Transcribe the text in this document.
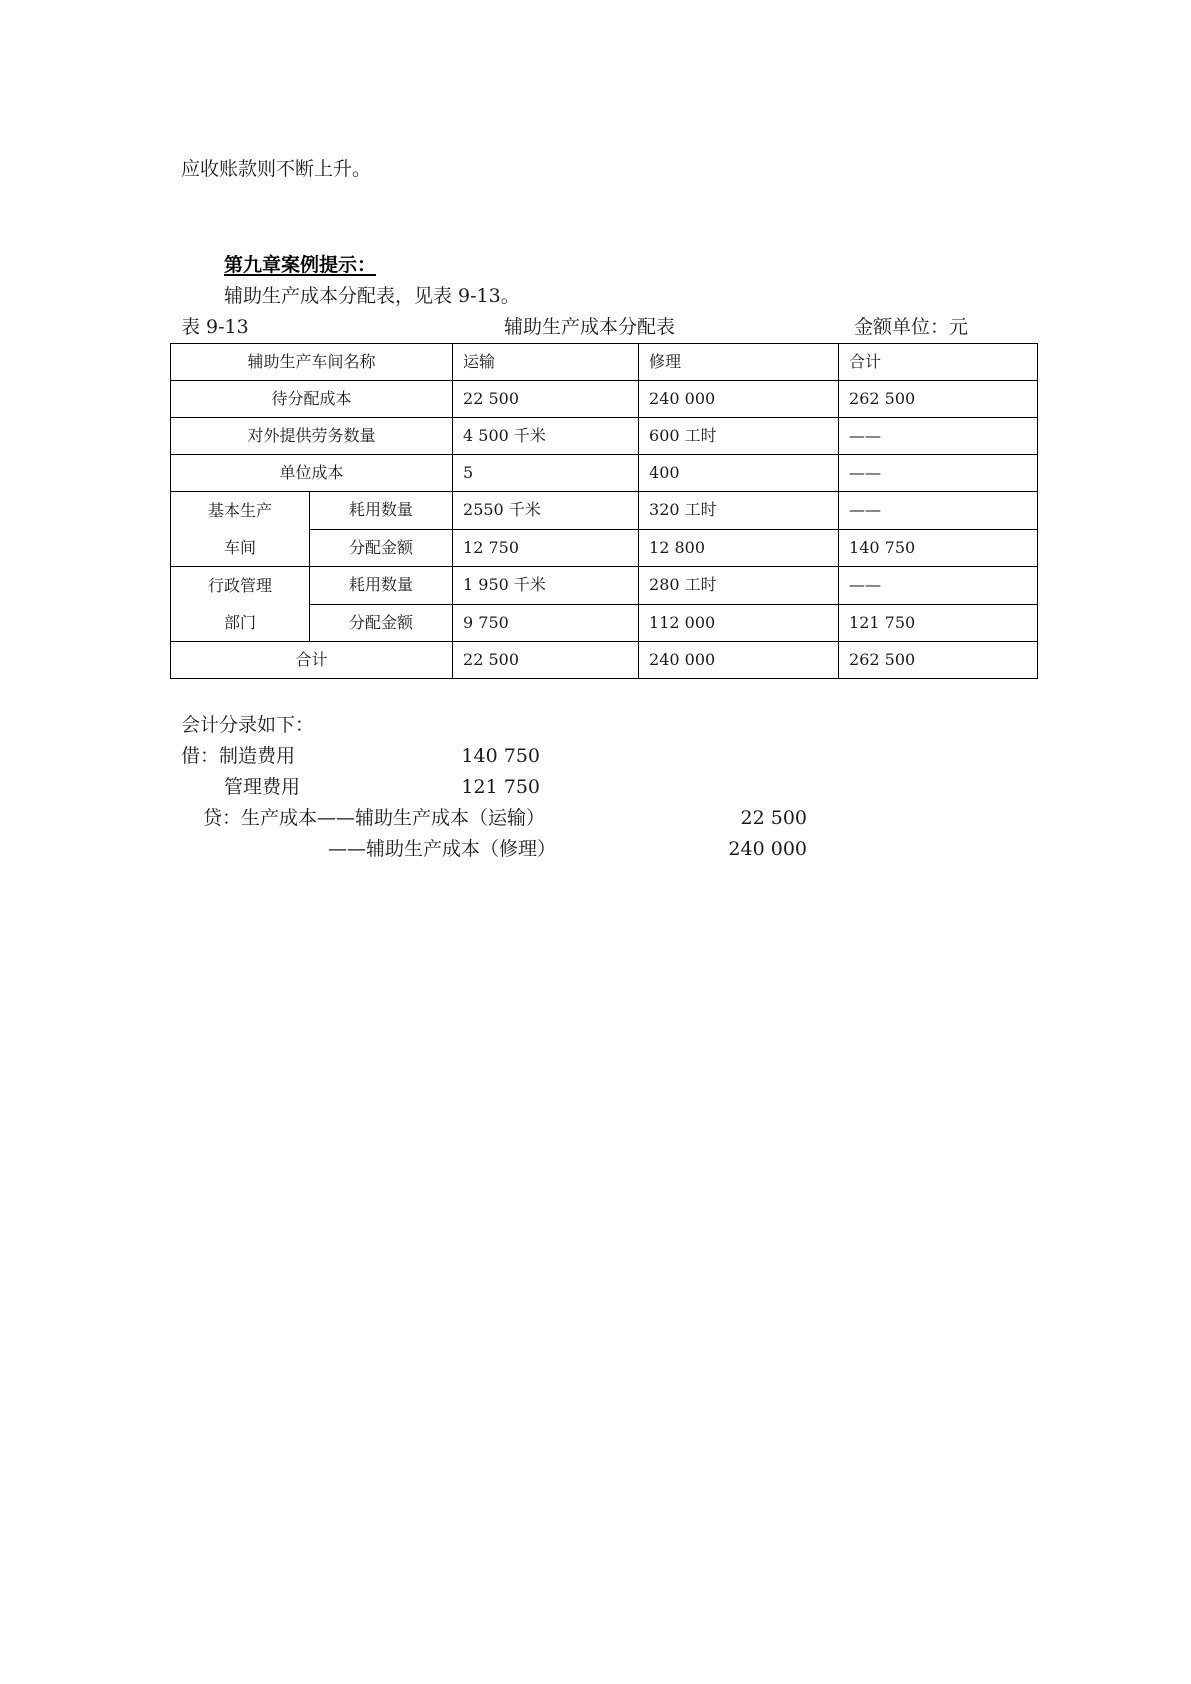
应收账款则不断上升。
第九章案例提示：
辅助生产成本分配表，见表 9-13。
表 9-13	辅助生产成本分配表	金额单位：元
辅助生产车间名称		运输	修理	合计
待分配成本		22 500	240 000	262 500
对外提供劳务数量		4 500 千米	600 工时	——
单位成本		5	400	——

基本生产
车间	耗用数量	2550 千米	320 工时	——
	分配金额	12 750	12 800	140 750

行政管理
部门	耗用数量	1 950 千米	280 工时	——
	分配金额	9 750	112 000	121 750
合计		22 500	240 000	262 500
会计分录如下：
借：制造费用	140 750
管理费用	121 750
贷：生产成本——辅助生产成本（运输）	22 500
——辅助生产成本（修理）	240 000
